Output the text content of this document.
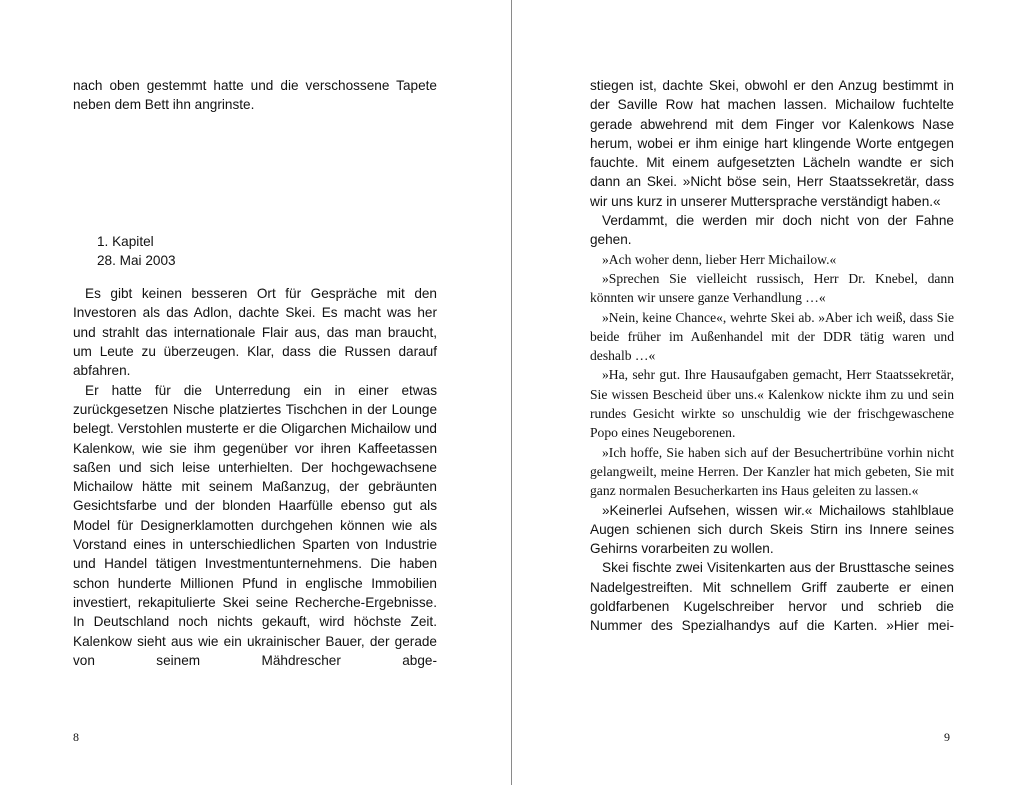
nach oben gestemmt hatte und die verschossene Tapete neben dem Bett ihn angrinste.

1. Kapitel

28. Mai 2003

Es gibt keinen besseren Ort für Gespräche mit den Investoren als das Adlon, dachte Skei. Es macht was her und strahlt das internationale Flair aus, das man braucht, um Leute zu überzeugen. Klar, dass die Russen darauf abfahren.

Er hatte für die Unterredung ein in einer etwas zurückgesetzen Nische platziertes Tischchen in der Lounge belegt. Verstohlen musterte er die Oligarchen Michailow und Kalenkow, wie sie ihm gegenüber vor ihren Kaffeetassen saßen und sich leise unterhielten. Der hochgewachsene Michailow hätte mit seinem Maßanzug, der gebräunten Gesichtsfarbe und der blonden Haarfülle ebenso gut als Model für Designerklamotten durchgehen können wie als Vorstand eines in unterschiedlichen Sparten von Industrie und Handel tätigen Investmentunternehmens. Die haben schon hunderte Millionen Pfund in englische Immobilien investiert, rekapitulierte Skei seine Recherche-Ergebnisse. In Deutschland noch nichts gekauft, wird höchste Zeit. Kalenkow sieht aus wie ein ukrainischer Bauer, der gerade von seinem Mähdrescher abge-

8

stiegen ist, dachte Skei, obwohl er den Anzug bestimmt in der Saville Row hat machen lassen. Michailow fuchtelte gerade abwehrend mit dem Finger vor Kalenkows Nase herum, wobei er ihm einige hart klingende Worte entgegen fauchte. Mit einem aufgesetzten Lächeln wandte er sich dann an Skei. »Nicht böse sein, Herr Staatssekretär, dass wir uns kurz in unserer Muttersprache verständigt haben.«

Verdammt, die werden mir doch nicht von der Fahne gehen.

»Ach woher denn, lieber Herr Michailow.«

»Sprechen Sie vielleicht russisch, Herr Dr. Knebel, dann könnten wir unsere ganze Verhandlung …«

»Nein, keine Chance«, wehrte Skei ab. »Aber ich weiß, dass Sie beide früher im Außenhandel mit der DDR tätig waren und deshalb …«

»Ha, sehr gut. Ihre Hausaufgaben gemacht, Herr Staatssekretär, Sie wissen Bescheid über uns.« Kalenkow nickte ihm zu und sein rundes Gesicht wirkte so unschuldig wie der frischgewaschene Popo eines Neugeborenen.

»Ich hoffe, Sie haben sich auf der Besuchertribüne vorhin nicht gelangweilt, meine Herren. Der Kanzler hat mich gebeten, Sie mit ganz normalen Besucherkarten ins Haus geleiten zu lassen.«

»Keinerlei Aufsehen, wissen wir.« Michailows stahlblaue Augen schienen sich durch Skeis Stirn ins Innere seines Gehirns vorarbeiten zu wollen.

Skei fischte zwei Visitenkarten aus der Brusttasche seines Nadelgestreiften. Mit schnellem Griff zauberte er einen goldfarbenen Kugelschreiber hervor und schrieb die Nummer des Spezialhandys auf die Karten. »Hier mei-

9
